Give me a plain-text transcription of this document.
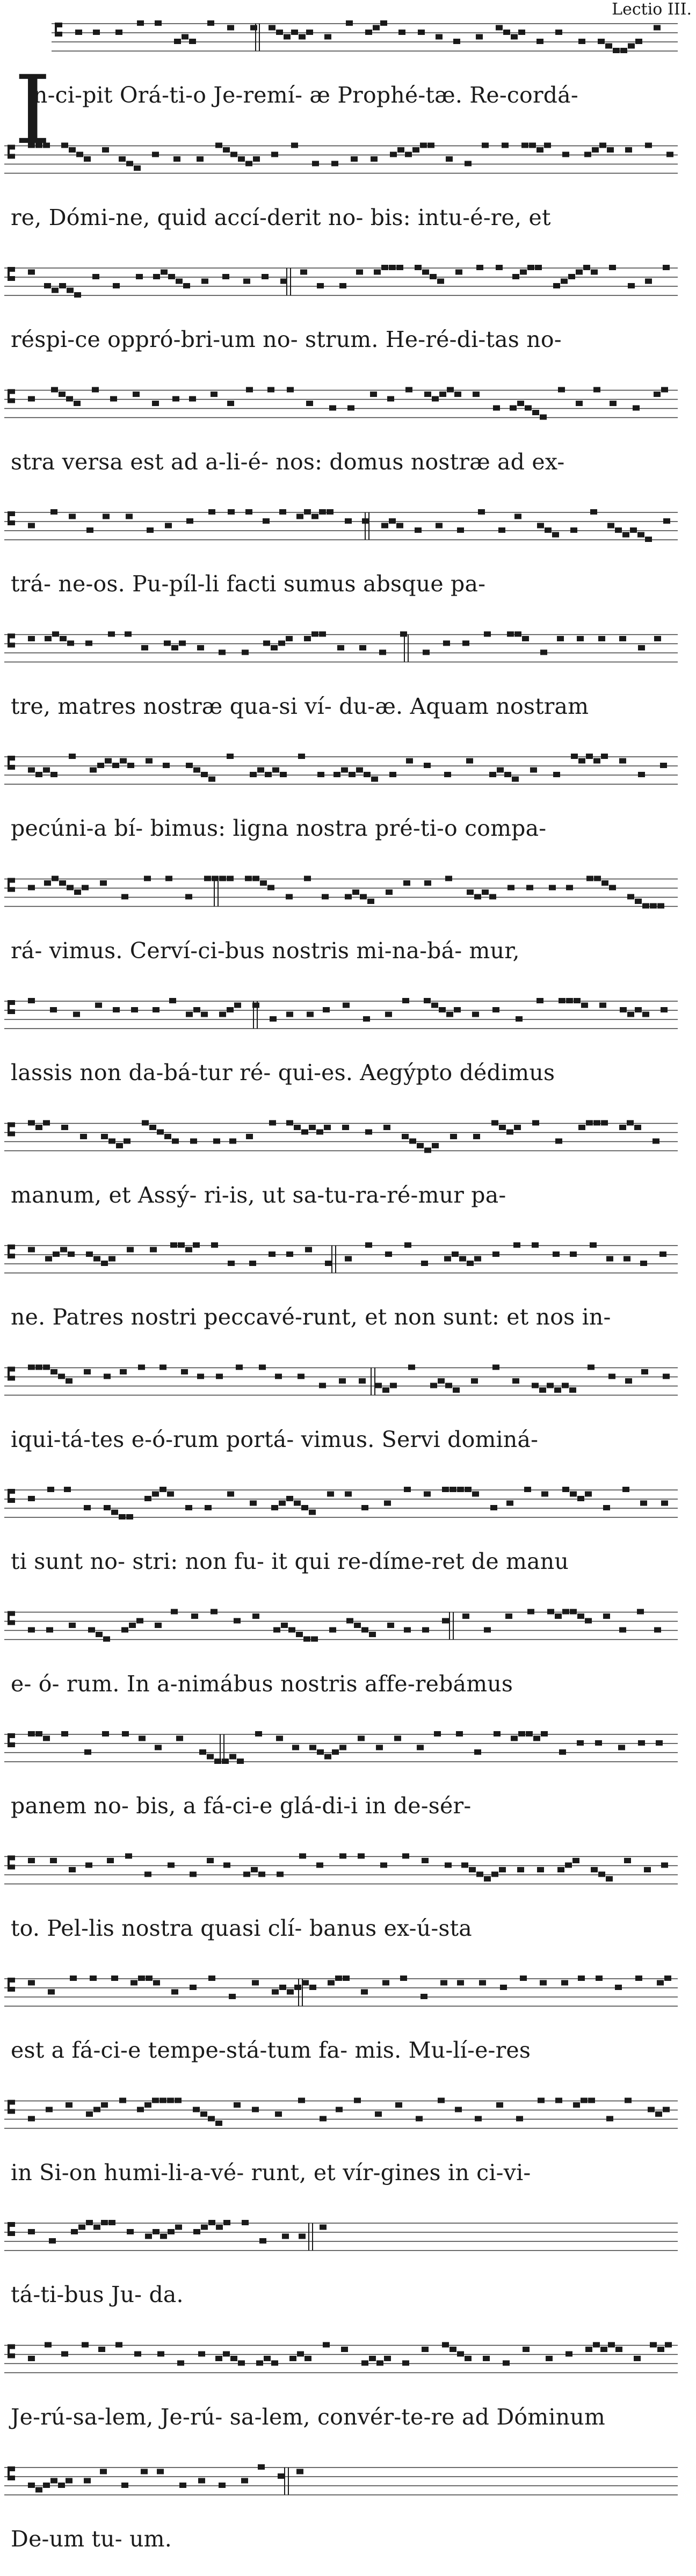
Lectio III.
I
n-ci-pit Orá-ti-o Je-remí- æ Prophé-tæ. Re-cordá-
re, Dómi-ne, quid accí-derit no- bis: intu-é-re, et
réspi-ce oppró-bri-um no- strum. He-ré-di-tas no-
stra versa est ad a-li-é- nos: domus nostræ ad ex-
trá- ne-os. Pu-píl-li facti sumus absque pa-
tre, matres nostræ qua-si ví- du-æ. Aquam nostram
pecúni-a bí- bimus: ligna nostra pré-ti-o compa-
rá- vimus. Cerví-ci-bus nostris mi-na-bá- mur,
lassis non da-bá-tur ré- qui-es. Aegýpto dédimus
manum, et Assý- ri-is, ut sa-tu-ra-ré-mur pa-
ne. Patres nostri peccavé-runt, et non sunt: et nos in-
iqui-tá-tes e-ó-rum portá- vimus. Servi dominá-
ti sunt no- stri: non fu- it qui re-díme-ret de manu
e- ó- rum. In a-nimábus nostris affe-rebámus
panem no- bis, a fá-ci-e glá-di-i in de-sér-
to. Pel-lis nostra quasi clí- banus ex-ú-sta
est a fá-ci-e tempe-stá-tum fa- mis. Mu-lí-e-res
in Si-on humi-li-a-vé- runt, et vír-gines in ci-vi-
tá-ti-bus Ju- da.
Je-rú-sa-lem, Je-rú- sa-lem, convér-te-re ad Dóminum
De-um tu- um.
